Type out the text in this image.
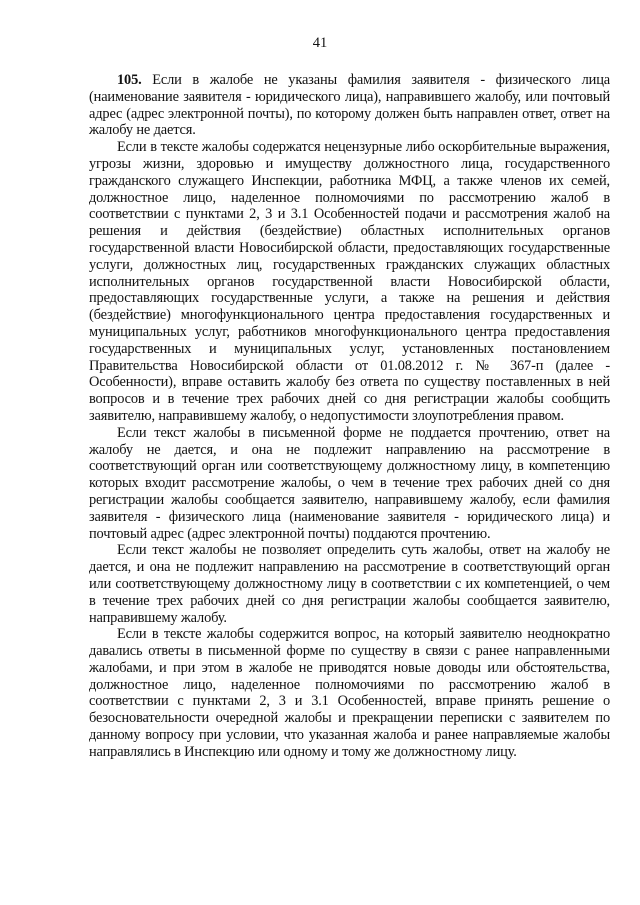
41

105. Если в жалобе не указаны фамилия заявителя - физического лица (наименование заявителя - юридического лица), направившего жалобу, или почтовый адрес (адрес электронной почты), по которому должен быть направлен ответ, ответ на жалобу не дается.

Если в тексте жалобы содержатся нецензурные либо оскорбительные выражения, угрозы жизни, здоровью и имуществу должностного лица, государственного гражданского служащего Инспекции, работника МФЦ, а также членов их семей, должностное лицо, наделенное полномочиями по рассмотрению жалоб в соответствии с пунктами 2, 3 и 3.1 Особенностей подачи и рассмотрения жалоб на решения и действия (бездействие) областных исполнительных органов государственной власти Новосибирской области, предоставляющих государственные услуги, должностных лиц, государственных гражданских служащих областных исполнительных органов государственной власти Новосибирской области, предоставляющих государственные услуги, а также на решения и действия (бездействие) многофункционального центра предоставления государственных и муниципальных услуг, работников многофункционального центра предоставления государственных и муниципальных услуг, установленных постановлением Правительства Новосибирской области от 01.08.2012 г. № 367-п (далее - Особенности), вправе оставить жалобу без ответа по существу поставленных в ней вопросов и в течение трех рабочих дней со дня регистрации жалобы сообщить заявителю, направившему жалобу, о недопустимости злоупотребления правом.

Если текст жалобы в письменной форме не поддается прочтению, ответ на жалобу не дается, и она не подлежит направлению на рассмотрение в соответствующий орган или соответствующему должностному лицу, в компетенцию которых входит рассмотрение жалобы, о чем в течение трех рабочих дней со дня регистрации жалобы сообщается заявителю, направившему жалобу, если фамилия заявителя - физического лица (наименование заявителя - юридического лица) и почтовый адрес (адрес электронной почты) поддаются прочтению.

Если текст жалобы не позволяет определить суть жалобы, ответ на жалобу не дается, и она не подлежит направлению на рассмотрение в соответствующий орган или соответствующему должностному лицу в соответствии с их компетенцией, о чем в течение трех рабочих дней со дня регистрации жалобы сообщается заявителю, направившему жалобу.

Если в тексте жалобы содержится вопрос, на который заявителю неоднократно давались ответы в письменной форме по существу в связи с ранее направленными жалобами, и при этом в жалобе не приводятся новые доводы или обстоятельства, должностное лицо, наделенное полномочиями по рассмотрению жалоб в соответствии с пунктами 2, 3 и 3.1 Особенностей, вправе принять решение о безосновательности очередной жалобы и прекращении переписки с заявителем по данному вопросу при условии, что указанная жалоба и ранее направляемые жалобы направлялись в Инспекцию или одному и тому же должностному лицу.
